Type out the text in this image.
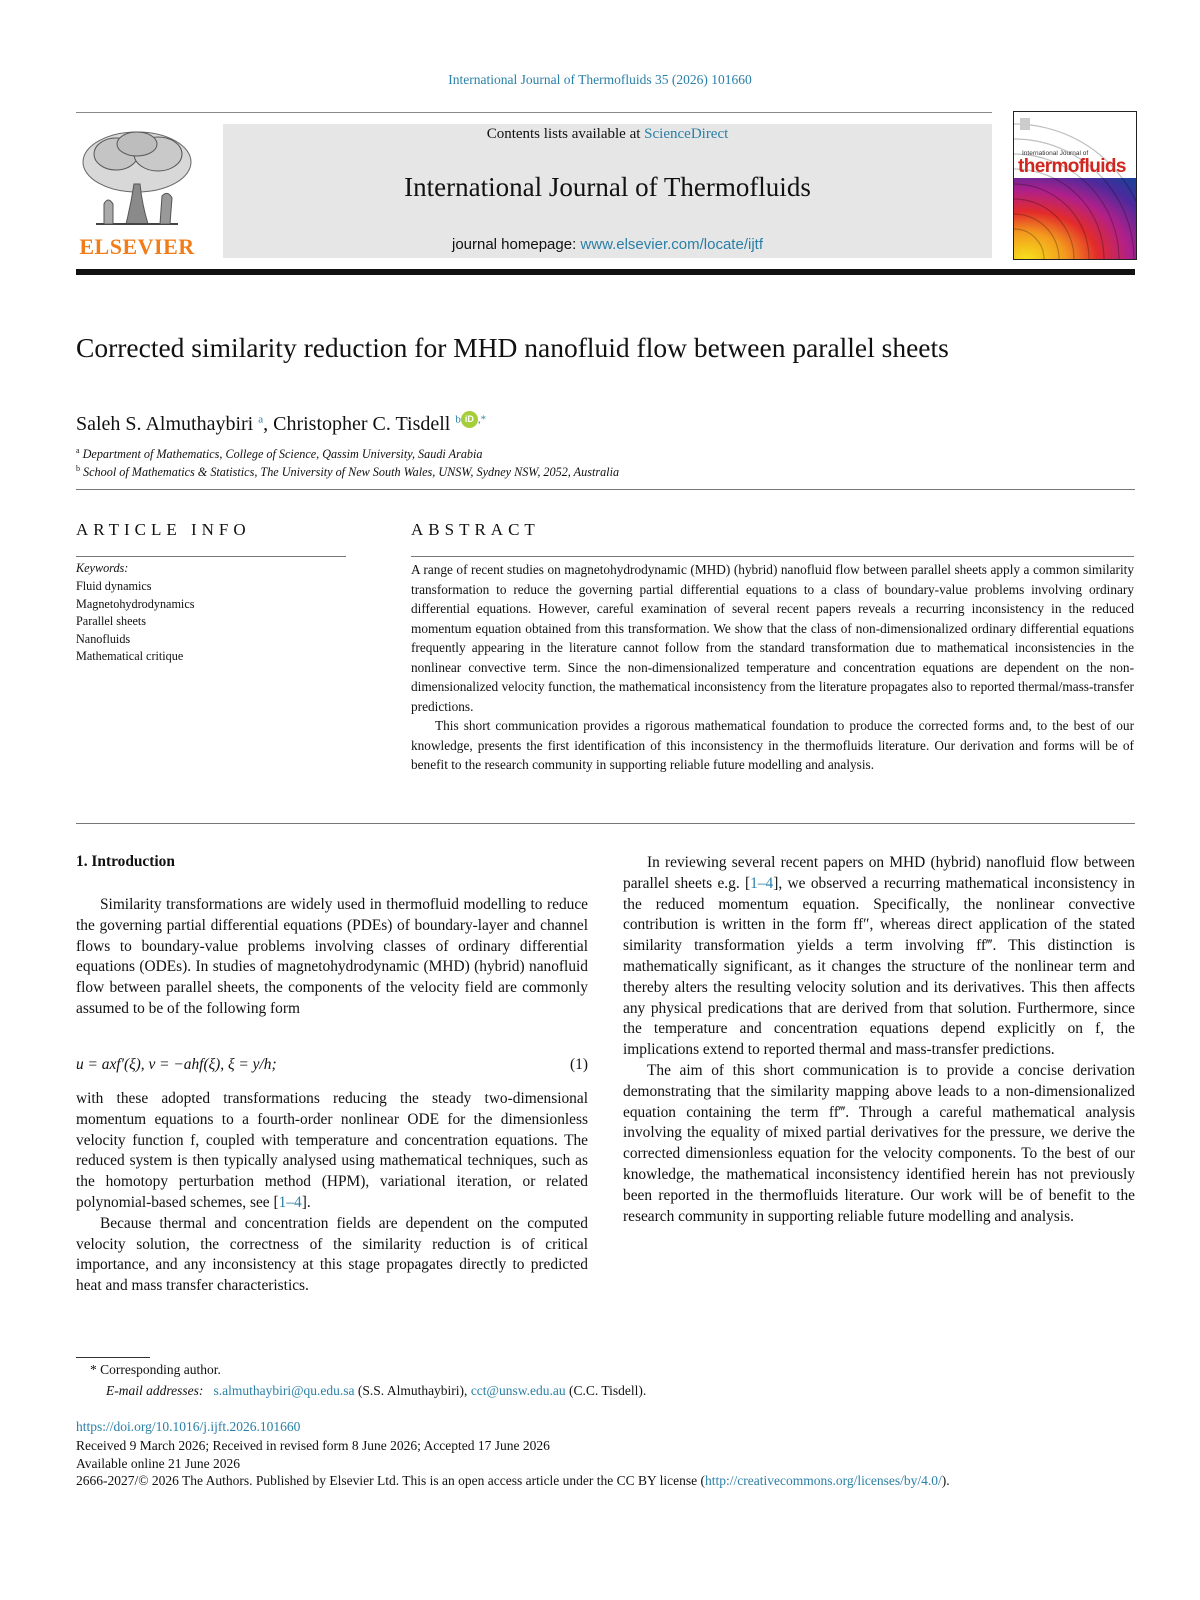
International Journal of Thermofluids 35 (2026) 101660
ELSEVIER
Contents lists available at ScienceDirect
International Journal of Thermofluids
journal homepage: www.elsevier.com/locate/ijtf
International Journal of
thermofluids
Corrected similarity reduction for MHD nanofluid flow between parallel sheets
Saleh S. Almuthaybiri $^a$, Christopher C. Tisdell $^b$ iD ,*
$^a$ Department of Mathematics, College of Science, Qassim University, Saudi Arabia
$^b$ School of Mathematics & Statistics, The University of New South Wales, UNSW, Sydney NSW, 2052, Australia
ARTICLE INFO
Keywords:
Fluid dynamics
Magnetohydrodynamics
Parallel sheets
Nanofluids
Mathematical critique
ABSTRACT

A range of recent studies on magnetohydrodynamic (MHD) (hybrid) nanofluid flow between parallel sheets apply a common similarity transformation to reduce the governing partial differential equations to a class of boundary-value problems involving ordinary differential equations. However, careful examination of several recent papers reveals a recurring inconsistency in the reduced momentum equation obtained from this transformation. We show that the class of non-dimensionalized ordinary differential equations frequently appearing in the literature cannot follow from the standard transformation due to mathematical inconsistencies in the nonlinear convective term. Since the non-dimensionalized temperature and concentration equations are dependent on the non-dimensionalized velocity function, the mathematical inconsistency from the literature propagates also to reported thermal/mass-transfer predictions.

This short communication provides a rigorous mathematical foundation to produce the corrected forms and, to the best of our knowledge, presents the first identification of this inconsistency in the thermofluids literature. Our derivation and forms will be of benefit to the research community in supporting reliable future modelling and analysis.

1. Introduction

Similarity transformations are widely used in thermofluid modelling to reduce the governing partial differential equations (PDEs) of boundary-layer and channel flows to boundary-value problems involving classes of ordinary differential equations (ODEs). In studies of magnetohydrodynamic (MHD) (hybrid) nanofluid flow between parallel sheets, the components of the velocity field are commonly assumed to be of the following form

u = axf′(ξ), v = −ahf(ξ), ξ = y/h;	(1)

with these adopted transformations reducing the steady two-dimensional momentum equations to a fourth-order nonlinear ODE for the dimensionless velocity function f, coupled with temperature and concentration equations. The reduced system is then typically analysed using mathematical techniques, such as the homotopy perturbation method (HPM), variational iteration, or related polynomial-based schemes, see [1–4].

Because thermal and concentration fields are dependent on the computed velocity solution, the correctness of the similarity reduction is of critical importance, and any inconsistency at this stage propagates directly to predicted heat and mass transfer characteristics.

In reviewing several recent papers on MHD (hybrid) nanofluid flow between parallel sheets e.g. [1–4], we observed a recurring mathematical inconsistency in the reduced momentum equation. Specifically, the nonlinear convective contribution is written in the form ff″, whereas direct application of the stated similarity transformation yields a term involving ff‴. This distinction is mathematically significant, as it changes the structure of the nonlinear term and thereby alters the resulting velocity solution and its derivatives. This then affects any physical predications that are derived from that solution. Furthermore, since the temperature and concentration equations depend explicitly on f, the implications extend to reported thermal and mass-transfer predictions.

The aim of this short communication is to provide a concise derivation demonstrating that the similarity mapping above leads to a non-dimensionalized equation containing the term ff‴. Through a careful mathematical analysis involving the equality of mixed partial derivatives for the pressure, we derive the corrected dimensionless equation for the velocity components. To the best of our knowledge, the mathematical inconsistency identified herein has not previously been reported in the thermofluids literature. Our work will be of benefit to the research community in supporting reliable future modelling and analysis.

* Corresponding author.
E-mail addresses: s.almuthaybiri@qu.edu.sa (S.S. Almuthaybiri), cct@unsw.edu.au (C.C. Tisdell).
https://doi.org/10.1016/j.ijft.2026.101660
Received 9 March 2026; Received in revised form 8 June 2026; Accepted 17 June 2026
Available online 21 June 2026
2666-2027/© 2026 The Authors. Published by Elsevier Ltd. This is an open access article under the CC BY license (http://creativecommons.org/licenses/by/4.0/).
